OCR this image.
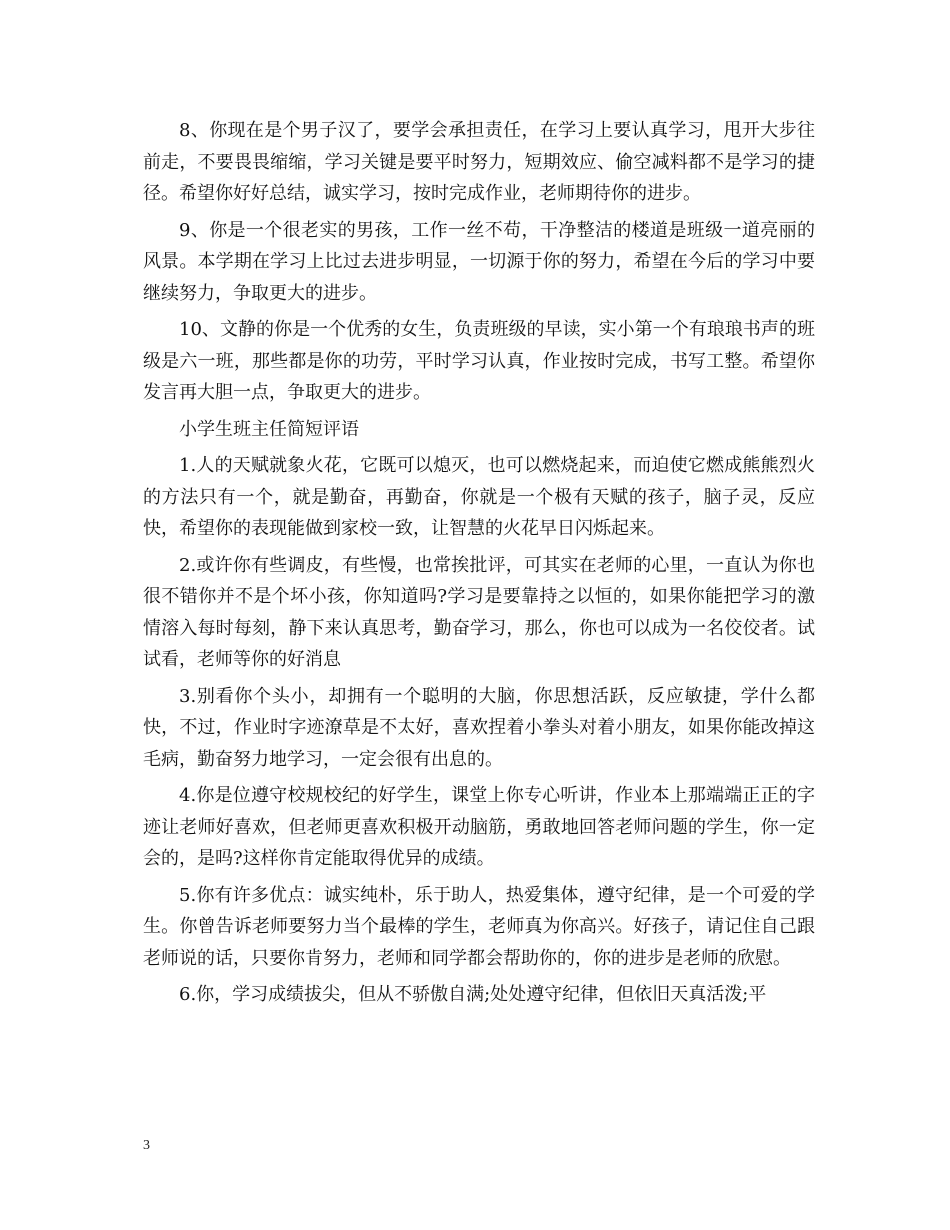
8、你现在是个男子汉了，要学会承担责任，在学习上要认真学习，甩开大步往前走，不要畏畏缩缩，学习关键是要平时努力，短期效应、偷空减料都不是学习的捷径。希望你好好总结，诚实学习，按时完成作业，老师期待你的进步。

9、你是一个很老实的男孩，工作一丝不苟，干净整洁的楼道是班级一道亮丽的风景。本学期在学习上比过去进步明显，一切源于你的努力，希望在今后的学习中要继续努力，争取更大的进步。

10、文静的你是一个优秀的女生，负责班级的早读，实小第一个有琅琅书声的班级是六一班，那些都是你的功劳，平时学习认真，作业按时完成，书写工整。希望你发言再大胆一点，争取更大的进步。

小学生班主任简短评语

1.人的天赋就象火花，它既可以熄灭，也可以燃烧起来，而迫使它燃成熊熊烈火的方法只有一个，就是勤奋，再勤奋，你就是一个极有天赋的孩子，脑子灵，反应快，希望你的表现能做到家校一致，让智慧的火花早日闪烁起来。

2.或许你有些调皮，有些慢，也常挨批评，可其实在老师的心里，一直认为你也很不错你并不是个坏小孩，你知道吗?学习是要靠持之以恒的，如果你能把学习的激情溶入每时每刻，静下来认真思考，勤奋学习，那么，你也可以成为一名佼佼者。试试看，老师等你的好消息

3.别看你个头小，却拥有一个聪明的大脑，你思想活跃，反应敏捷，学什么都快，不过，作业时字迹潦草是不太好，喜欢捏着小拳头对着小朋友，如果你能改掉这毛病，勤奋努力地学习，一定会很有出息的。

4.你是位遵守校规校纪的好学生，课堂上你专心听讲，作业本上那端端正正的字迹让老师好喜欢，但老师更喜欢积极开动脑筋，勇敢地回答老师问题的学生，你一定会的，是吗?这样你肯定能取得优异的成绩。

5.你有许多优点：诚实纯朴，乐于助人，热爱集体，遵守纪律，是一个可爱的学生。你曾告诉老师要努力当个最棒的学生，老师真为你高兴。好孩子，请记住自己跟老师说的话，只要你肯努力，老师和同学都会帮助你的，你的进步是老师的欣慰。

6.你，学习成绩拔尖，但从不骄傲自满;处处遵守纪律，但依旧天真活泼;平

3
